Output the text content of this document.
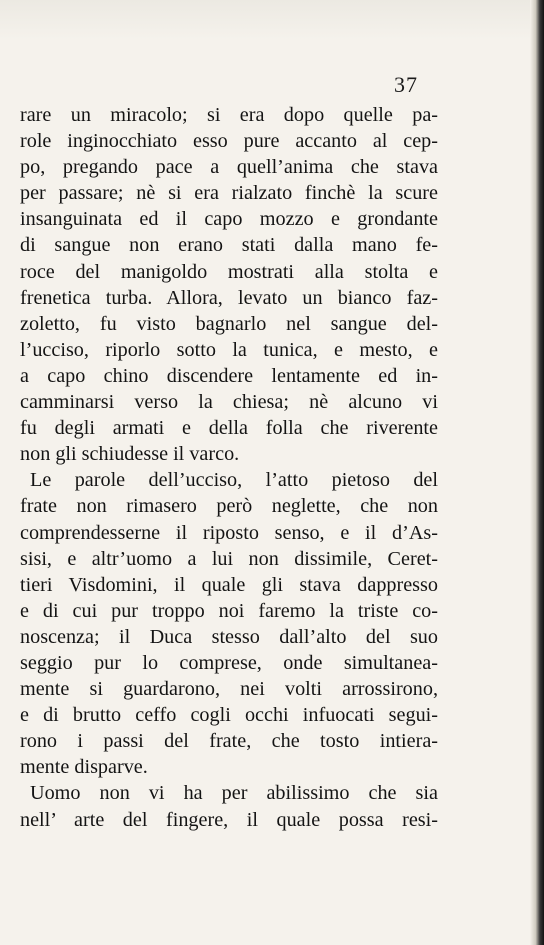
37
rare un miracolo; si era dopo quelle pa-
role inginocchiato esso pure accanto al cep-
po, pregando pace a quell’anima che stava
per passare; nè si era rialzato finchè la scure
insanguinata ed il capo mozzo e grondante
di sangue non erano stati dalla mano fe-
roce del manigoldo mostrati alla stolta e
frenetica turba. Allora, levato un bianco faz-
zoletto, fu visto bagnarlo nel sangue del-
l’ucciso, riporlo sotto la tunica, e mesto, e
a capo chino discendere lentamente ed in-
camminarsi verso la chiesa; nè alcuno vi
fu degli armati e della folla che riverente
non gli schiudesse il varco.
Le parole dell’ucciso, l’atto pietoso del
frate non rimasero però neglette, che non
comprendesserne il riposto senso, e il d’As-
sisi, e altr’uomo a lui non dissimile, Ceret-
tieri Visdomini, il quale gli stava dappresso
e di cui pur troppo noi faremo la triste co-
noscenza; il Duca stesso dall’alto del suo
seggio pur lo comprese, onde simultanea-
mente si guardarono, nei volti arrossirono,
e di brutto ceffo cogli occhi infuocati segui-
rono i passi del frate, che tosto intiera-
mente disparve.
Uomo non vi ha per abilissimo che sia
nell’ arte del fingere, il quale possa resi-
